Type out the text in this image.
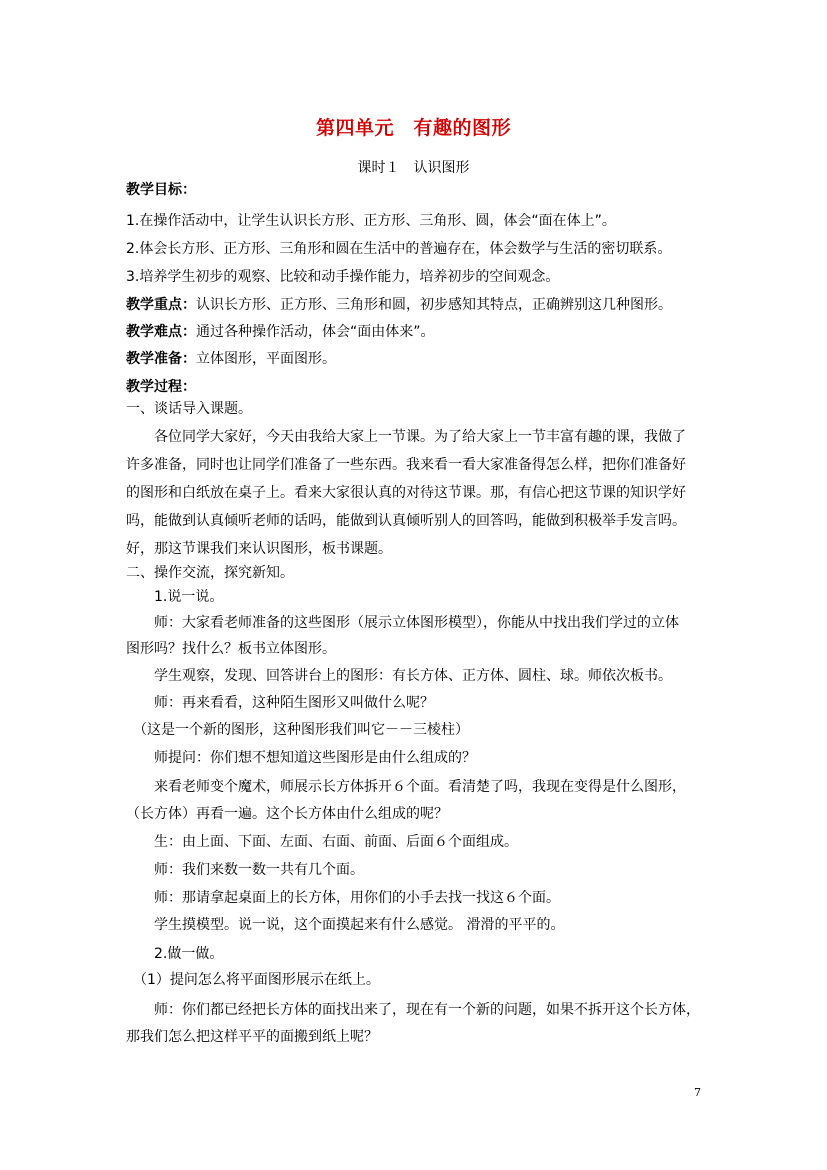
第四单元　有趣的图形
课时１　认识图形
教学目标：
1.在操作活动中，让学生认识长方形、正方形、三角形、圆，体会“面在体上”。
2.体会长方形、正方形、三角形和圆在生活中的普遍存在，体会数学与生活的密切联系。
3.培养学生初步的观察、比较和动手操作能力，培养初步的空间观念。
教学重点：认识长方形、正方形、三角形和圆，初步感知其特点，正确辨别这几种图形。
教学难点：通过各种操作活动，体会“面由体来”。
教学准备：立体图形，平面图形。
教学过程：
一、谈话导入课题。
　　各位同学大家好，今天由我给大家上一节课。为了给大家上一节丰富有趣的课，我做了
许多准备，同时也让同学们准备了一些东西。我来看一看大家准备得怎么样，把你们准备好
的图形和白纸放在桌子上。看来大家很认真的对待这节课。那，有信心把这节课的知识学好
吗，能做到认真倾听老师的话吗，能做到认真倾听别人的回答吗，能做到积极举手发言吗。
好，那这节课我们来认识图形，板书课题。
二、操作交流，探究新知。
　　1.说一说。
　　师：大家看老师准备的这些图形（展示立体图形模型），你能从中找出我们学过的立体
图形吗？找什么？板书立体图形。
　　学生观察，发现、回答讲台上的图形：有长方体、正方体、圆柱、球。师依次板书。
　　师：再来看看，这种陌生图形又叫做什么呢？
　（这是一个新的图形，这种图形我们叫它－－三棱柱）
　　师提问：你们想不想知道这些图形是由什么组成的？
　　来看老师变个魔术，师展示长方体拆开６个面。看清楚了吗，我现在变得是什么图形，
（长方体）再看一遍。这个长方体由什么组成的呢？
　　生：由上面、下面、左面、右面、前面、后面６个面组成。
　　师：我们来数一数一共有几个面。
　　师：那请拿起桌面上的长方体，用你们的小手去找一找这６个面。
　　学生摸模型。说一说，这个面摸起来有什么感觉。 滑滑的平平的。
　　2.做一做。
　（1）提问怎么将平面图形展示在纸上。
　　师：你们都已经把长方体的面找出来了，现在有一个新的问题，如果不拆开这个长方体，
那我们怎么把这样平平的面搬到纸上呢？
7
